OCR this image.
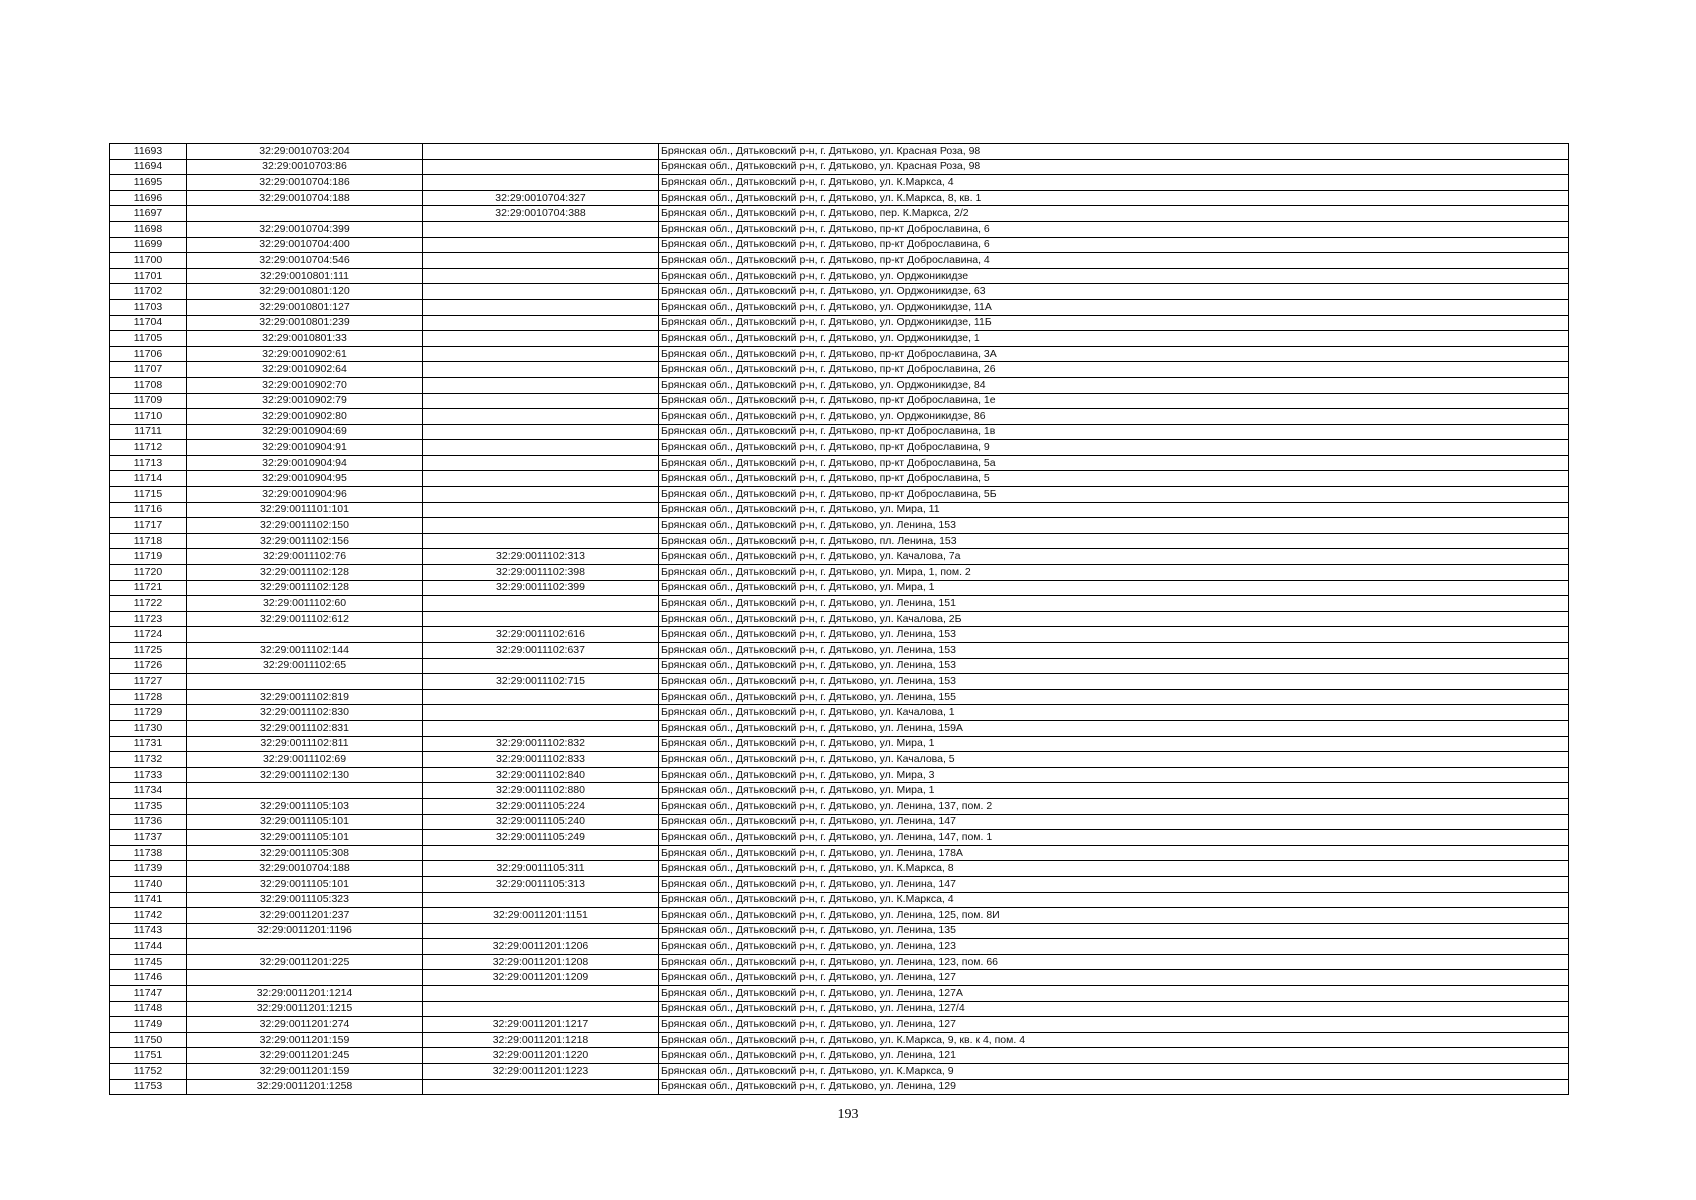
11693	32:29:0010703:204		Брянская обл., Дятьковский р-н, г. Дятьково, ул. Красная Роза, 98
11694	32:29:0010703:86		Брянская обл., Дятьковский р-н, г. Дятьково, ул. Красная Роза, 98
11695	32:29:0010704:186		Брянская обл., Дятьковский р-н, г. Дятьково, ул. К.Маркса, 4
11696	32:29:0010704:188	32:29:0010704:327	Брянская обл., Дятьковский р-н, г. Дятьково, ул. К.Маркса, 8, кв. 1
11697		32:29:0010704:388	Брянская обл., Дятьковский р-н, г. Дятьково, пер. К.Маркса, 2/2
11698	32:29:0010704:399		Брянская обл., Дятьковский р-н, г. Дятьково, пр-кт Доброславина, 6
11699	32:29:0010704:400		Брянская обл., Дятьковский р-н, г. Дятьково, пр-кт Доброславина, 6
11700	32:29:0010704:546		Брянская обл., Дятьковский р-н, г. Дятьково, пр-кт Доброславина, 4
11701	32:29:0010801:111		Брянская обл., Дятьковский р-н, г. Дятьково, ул. Орджоникидзе
11702	32:29:0010801:120		Брянская обл., Дятьковский р-н, г. Дятьково, ул. Орджоникидзе, 63
11703	32:29:0010801:127		Брянская обл., Дятьковский р-н, г. Дятьково, ул. Орджоникидзе, 11А
11704	32:29:0010801:239		Брянская обл., Дятьковский р-н, г. Дятьково, ул. Орджоникидзе, 11Б
11705	32:29:0010801:33		Брянская обл., Дятьковский р-н, г. Дятьково, ул. Орджоникидзе, 1
11706	32:29:0010902:61		Брянская обл., Дятьковский р-н, г. Дятьково, пр-кт Доброславина, 3А
11707	32:29:0010902:64		Брянская обл., Дятьковский р-н, г. Дятьково, пр-кт Доброславина, 26
11708	32:29:0010902:70		Брянская обл., Дятьковский р-н, г. Дятьково, ул. Орджоникидзе, 84
11709	32:29:0010902:79		Брянская обл., Дятьковский р-н, г. Дятьково, пр-кт Доброславина, 1е
11710	32:29:0010902:80		Брянская обл., Дятьковский р-н, г. Дятьково, ул. Орджоникидзе, 86
11711	32:29:0010904:69		Брянская обл., Дятьковский р-н, г. Дятьково, пр-кт Доброславина, 1в
11712	32:29:0010904:91		Брянская обл., Дятьковский р-н, г. Дятьково, пр-кт Доброславина, 9
11713	32:29:0010904:94		Брянская обл., Дятьковский р-н, г. Дятьково, пр-кт Доброславина, 5а
11714	32:29:0010904:95		Брянская обл., Дятьковский р-н, г. Дятьково, пр-кт Доброславина, 5
11715	32:29:0010904:96		Брянская обл., Дятьковский р-н, г. Дятьково, пр-кт Доброславина, 5Б
11716	32:29:0011101:101		Брянская обл., Дятьковский р-н, г. Дятьково, ул. Мира, 11
11717	32:29:0011102:150		Брянская обл., Дятьковский р-н, г. Дятьково, ул. Ленина, 153
11718	32:29:0011102:156		Брянская обл., Дятьковский р-н, г. Дятьково, пл. Ленина, 153
11719	32:29:0011102:76	32:29:0011102:313	Брянская обл., Дятьковский р-н, г. Дятьково, ул. Качалова, 7а
11720	32:29:0011102:128	32:29:0011102:398	Брянская обл., Дятьковский р-н, г. Дятьково, ул. Мира, 1, пом. 2
11721	32:29:0011102:128	32:29:0011102:399	Брянская обл., Дятьковский р-н, г. Дятьково, ул. Мира, 1
11722	32:29:0011102:60		Брянская обл., Дятьковский р-н, г. Дятьково, ул. Ленина, 151
11723	32:29:0011102:612		Брянская обл., Дятьковский р-н, г. Дятьково, ул. Качалова, 2Б
11724		32:29:0011102:616	Брянская обл., Дятьковский р-н, г. Дятьково, ул. Ленина, 153
11725	32:29:0011102:144	32:29:0011102:637	Брянская обл., Дятьковский р-н, г. Дятьково, ул. Ленина, 153
11726	32:29:0011102:65		Брянская обл., Дятьковский р-н, г. Дятьково, ул. Ленина, 153
11727		32:29:0011102:715	Брянская обл., Дятьковский р-н, г. Дятьково, ул. Ленина, 153
11728	32:29:0011102:819		Брянская обл., Дятьковский р-н, г. Дятьково, ул. Ленина, 155
11729	32:29:0011102:830		Брянская обл., Дятьковский р-н, г. Дятьково, ул. Качалова, 1
11730	32:29:0011102:831		Брянская обл., Дятьковский р-н, г. Дятьково, ул. Ленина, 159А
11731	32:29:0011102:811	32:29:0011102:832	Брянская обл., Дятьковский р-н, г. Дятьково, ул. Мира, 1
11732	32:29:0011102:69	32:29:0011102:833	Брянская обл., Дятьковский р-н, г. Дятьково, ул. Качалова, 5
11733	32:29:0011102:130	32:29:0011102:840	Брянская обл., Дятьковский р-н, г. Дятьково, ул. Мира, 3
11734		32:29:0011102:880	Брянская обл., Дятьковский р-н, г. Дятьково, ул. Мира, 1
11735	32:29:0011105:103	32:29:0011105:224	Брянская обл., Дятьковский р-н, г. Дятьково, ул. Ленина, 137, пом. 2
11736	32:29:0011105:101	32:29:0011105:240	Брянская обл., Дятьковский р-н, г. Дятьково, ул. Ленина, 147
11737	32:29:0011105:101	32:29:0011105:249	Брянская обл., Дятьковский р-н, г. Дятьково, ул. Ленина, 147, пом. 1
11738	32:29:0011105:308		Брянская обл., Дятьковский р-н, г. Дятьково, ул. Ленина, 178А
11739	32:29:0010704:188	32:29:0011105:311	Брянская обл., Дятьковский р-н, г. Дятьково, ул. К.Маркса, 8
11740	32:29:0011105:101	32:29:0011105:313	Брянская обл., Дятьковский р-н, г. Дятьково, ул. Ленина, 147
11741	32:29:0011105:323		Брянская обл., Дятьковский р-н, г. Дятьково, ул. К.Маркса, 4
11742	32:29:0011201:237	32:29:0011201:1151	Брянская обл., Дятьковский р-н, г. Дятьково, ул. Ленина, 125, пом. 8И
11743	32:29:0011201:1196		Брянская обл., Дятьковский р-н, г. Дятьково, ул. Ленина, 135
11744		32:29:0011201:1206	Брянская обл., Дятьковский р-н, г. Дятьково, ул. Ленина, 123
11745	32:29:0011201:225	32:29:0011201:1208	Брянская обл., Дятьковский р-н, г. Дятьково, ул. Ленина, 123, пом. 66
11746		32:29:0011201:1209	Брянская обл., Дятьковский р-н, г. Дятьково, ул. Ленина, 127
11747	32:29:0011201:1214		Брянская обл., Дятьковский р-н, г. Дятьково, ул. Ленина, 127А
11748	32:29:0011201:1215		Брянская обл., Дятьковский р-н, г. Дятьково, ул. Ленина, 127/4
11749	32:29:0011201:274	32:29:0011201:1217	Брянская обл., Дятьковский р-н, г. Дятьково, ул. Ленина, 127
11750	32:29:0011201:159	32:29:0011201:1218	Брянская обл., Дятьковский р-н, г. Дятьково, ул. К.Маркса, 9, кв. к 4, пом. 4
11751	32:29:0011201:245	32:29:0011201:1220	Брянская обл., Дятьковский р-н, г. Дятьково, ул. Ленина, 121
11752	32:29:0011201:159	32:29:0011201:1223	Брянская обл., Дятьковский р-н, г. Дятьково, ул. К.Маркса, 9
11753	32:29:0011201:1258		Брянская обл., Дятьковский р-н, г. Дятьково, ул. Ленина, 129
193
